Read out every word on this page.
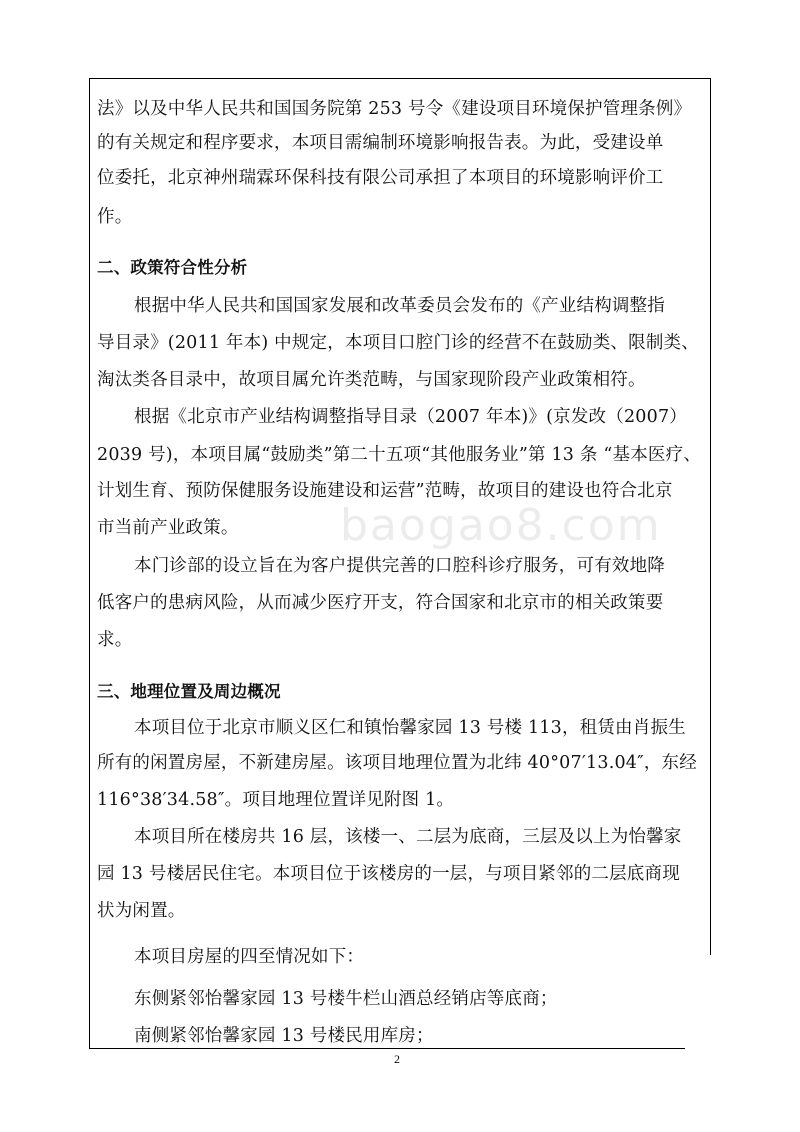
baogao8.com
法》以及中华人民共和国国务院第 253 号令《建设项目环境保护管理条例》
的有关规定和程序要求，本项目需编制环境影响报告表。为此，受建设单
位委托，北京神州瑞霖环保科技有限公司承担了本项目的环境影响评价工
作。
二、政策符合性分析
根据中华人民共和国国家发展和改革委员会发布的《产业结构调整指
导目录》(2011 年本) 中规定，本项目口腔门诊的经营不在鼓励类、限制类、
淘汰类各目录中，故项目属允许类范畴，与国家现阶段产业政策相符。
根据《北京市产业结构调整指导目录（2007 年本)》(京发改（2007）
2039 号)，本项目属“鼓励类”第二十五项“其他服务业”第 13 条 “基本医疗、
计划生育、预防保健服务设施建设和运营”范畴，故项目的建设也符合北京
市当前产业政策。
本门诊部的设立旨在为客户提供完善的口腔科诊疗服务，可有效地降
低客户的患病风险，从而减少医疗开支，符合国家和北京市的相关政策要
求。
三、地理位置及周边概况
本项目位于北京市顺义区仁和镇怡馨家园 13 号楼 113，租赁由肖振生
所有的闲置房屋，不新建房屋。该项目地理位置为北纬 40°07′13.04″，东经
116°38′34.58″。项目地理位置详见附图 1。
本项目所在楼房共 16 层，该楼一、二层为底商，三层及以上为怡馨家
园 13 号楼居民住宅。本项目位于该楼房的一层，与项目紧邻的二层底商现
状为闲置。
本项目房屋的四至情况如下：
东侧紧邻怡馨家园 13 号楼牛栏山酒总经销店等底商；
南侧紧邻怡馨家园 13 号楼民用库房；
2
